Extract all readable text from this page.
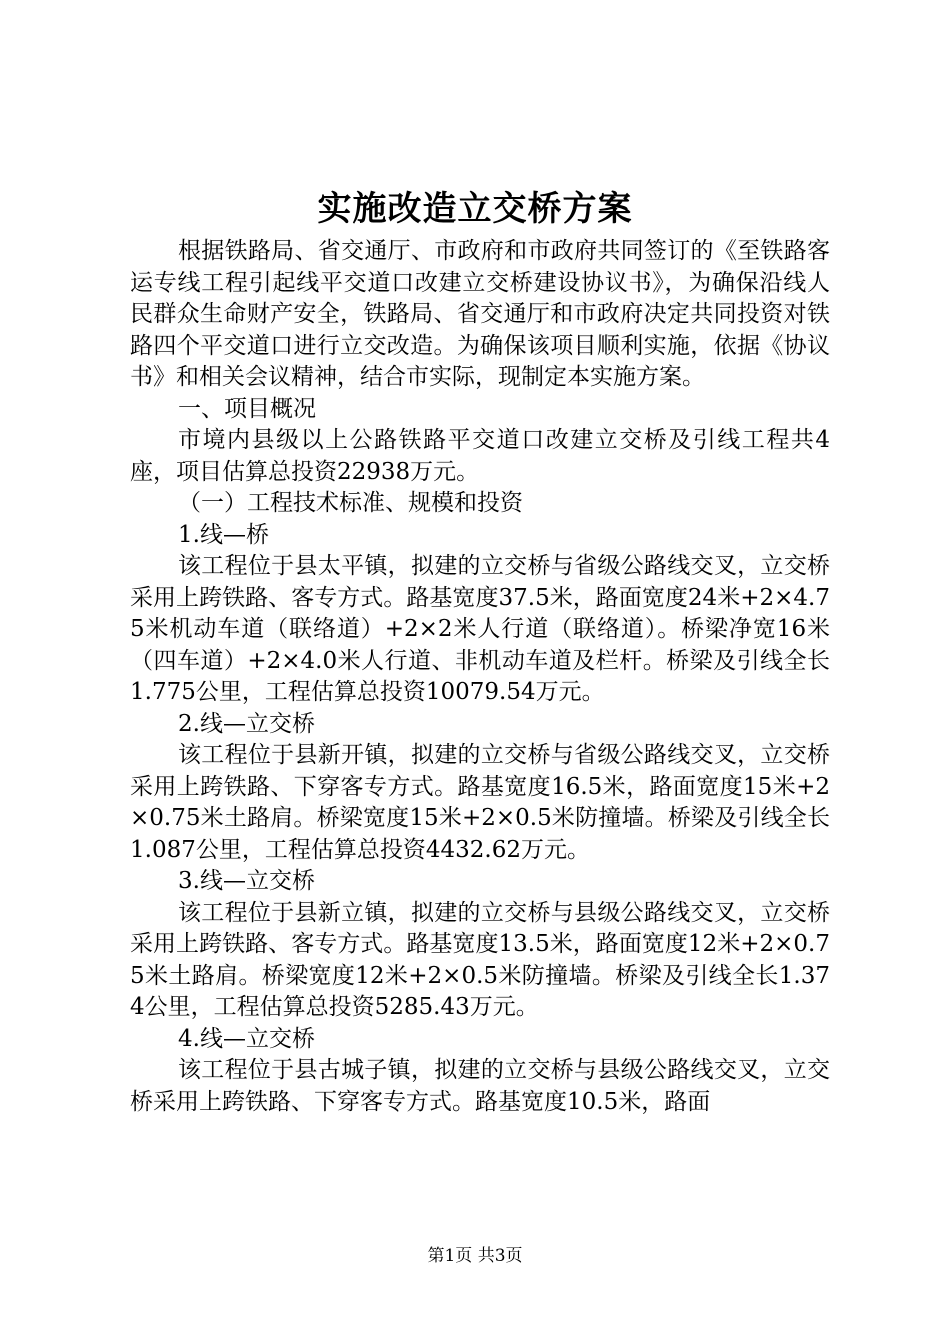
实施改造立交桥方案

根据铁路局、省交通厅、市政府和市政府共同签订的《至铁路客运专线工程引起线平交道口改建立交桥建设协议书》，为确保沿线人民群众生命财产安全，铁路局、省交通厅和市政府决定共同投资对铁路四个平交道口进行立交改造。为确保该项目顺利实施，依据《协议书》和相关会议精神，结合市实际，现制定本实施方案。

一、项目概况

市境内县级以上公路铁路平交道口改建立交桥及引线工程共4座，项目估算总投资22938万元。

（一）工程技术标准、规模和投资

1.线—桥

该工程位于县太平镇，拟建的立交桥与省级公路线交叉，立交桥采用上跨铁路、客专方式。路基宽度37.5米，路面宽度24米+2×4.75米机动车道（联络道）+2×2米人行道（联络道）。桥梁净宽16米（四车道）+2×4.0米人行道、非机动车道及栏杆。桥梁及引线全长1.775公里，工程估算总投资10079.54万元。

2.线—立交桥

该工程位于县新开镇，拟建的立交桥与省级公路线交叉，立交桥采用上跨铁路、下穿客专方式。路基宽度16.5米，路面宽度15米+2×0.75米土路肩。桥梁宽度15米+2×0.5米防撞墙。桥梁及引线全长1.087公里，工程估算总投资4432.62万元。

3.线—立交桥

该工程位于县新立镇，拟建的立交桥与县级公路线交叉，立交桥采用上跨铁路、客专方式。路基宽度13.5米，路面宽度12米+2×0.75米土路肩。桥梁宽度12米+2×0.5米防撞墙。桥梁及引线全长1.374公里，工程估算总投资5285.43万元。

4.线—立交桥

该工程位于县古城子镇，拟建的立交桥与县级公路线交叉，立交桥采用上跨铁路、下穿客专方式。路基宽度10.5米，路面

第1页 共3页
